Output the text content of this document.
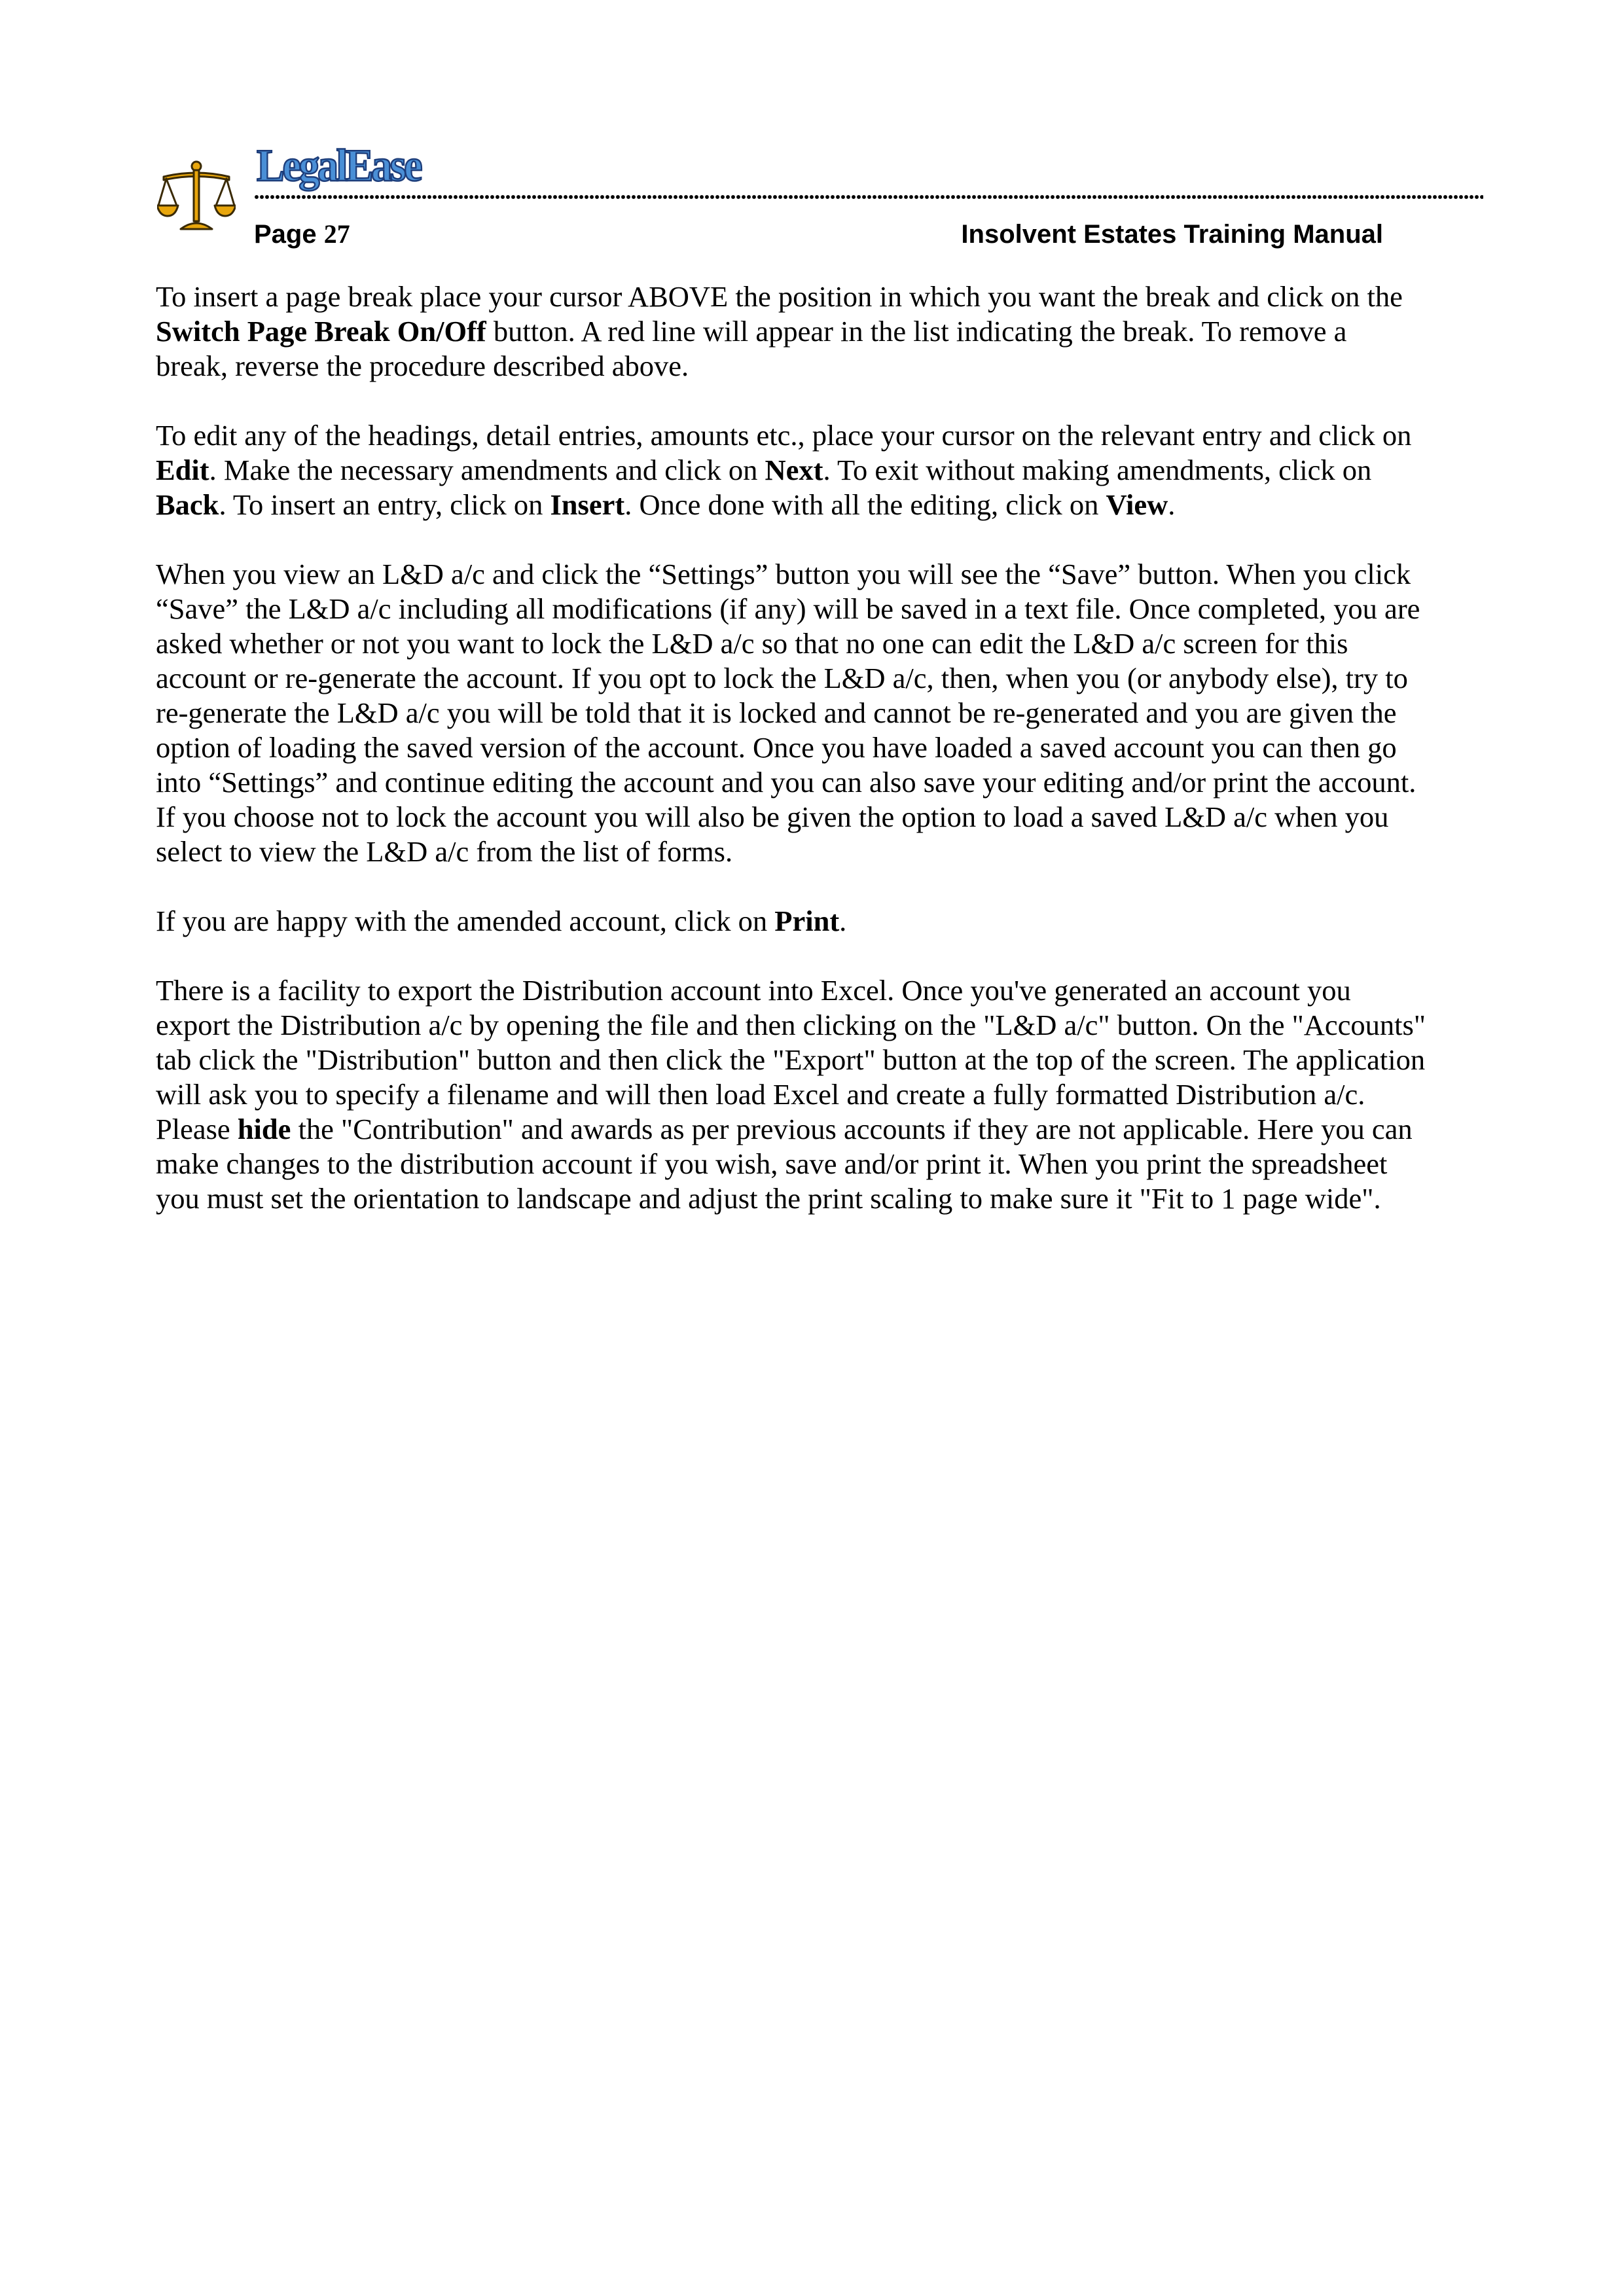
LegalEase
Page 27	Insolvent Estates Training Manual

To insert a page break place your cursor ABOVE the position in which you want the break and click on the
Switch Page Break On/Off button. A red line will appear in the list indicating the break. To remove a
break, reverse the procedure described above.

To edit any of the headings, detail entries, amounts etc., place your cursor on the relevant entry and click on
Edit. Make the necessary amendments and click on Next. To exit without making amendments, click on
Back. To insert an entry, click on Insert. Once done with all the editing, click on View.

When you view an L&D a/c and click the “Settings” button you will see the “Save” button. When you click
“Save” the L&D a/c including all modifications (if any) will be saved in a text file. Once completed, you are
asked whether or not you want to lock the L&D a/c so that no one can edit the L&D a/c screen for this
account or re-generate the account. If you opt to lock the L&D a/c, then, when you (or anybody else), try to
re-generate the L&D a/c you will be told that it is locked and cannot be re-generated and you are given the
option of loading the saved version of the account. Once you have loaded a saved account you can then go
into “Settings” and continue editing the account and you can also save your editing and/or print the account.
If you choose not to lock the account you will also be given the option to load a saved L&D a/c when you
select to view the L&D a/c from the list of forms.

If you are happy with the amended account, click on Print.

There is a facility to export the Distribution account into Excel. Once you've generated an account you
export the Distribution a/c by opening the file and then clicking on the "L&D a/c" button. On the "Accounts"
tab click the "Distribution" button and then click the "Export" button at the top of the screen. The application
will ask you to specify a filename and will then load Excel and create a fully formatted Distribution a/c.
Please hide the "Contribution" and awards as per previous accounts if they are not applicable. Here you can
make changes to the distribution account if you wish, save and/or print it. When you print the spreadsheet
you must set the orientation to landscape and adjust the print scaling to make sure it "Fit to 1 page wide".
